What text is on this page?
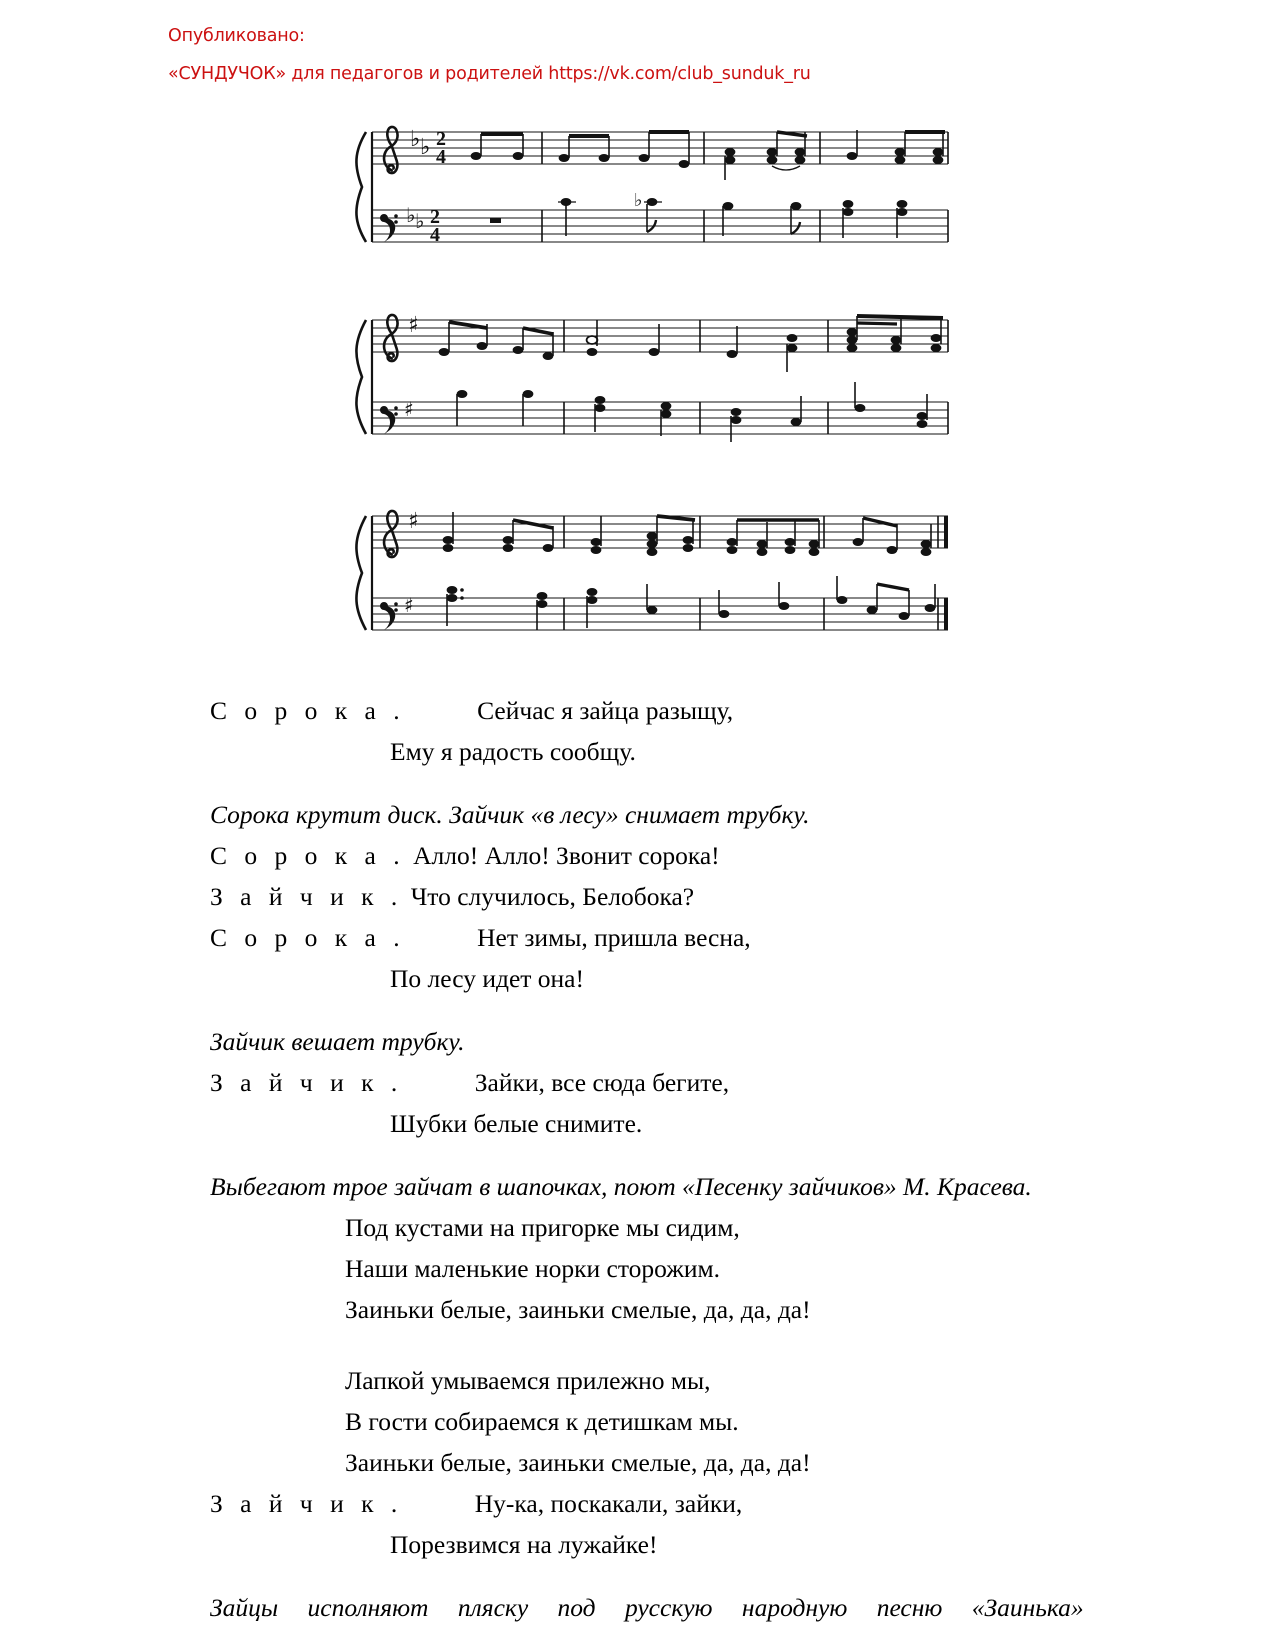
Опубликовано:
«СУНДУЧОК» для педагогов и родителей https://vk.com/club_sunduk_ru
♭ ♭ 2
4
♭ ♭ 2
4
♭
♯
♯
♯
♯
С о р о к а .	Сейчас я зайца разыщу,
Ему я радость сообщу.
Сорока крутит диск. Зайчик «в лесу» снимает трубку.
С о р о к а . Алло! Алло! Звонит сорока!
З а й ч и к . Что случилось, Белобока?
С о р о к а .	Нет зимы, пришла весна,
По лесу идет она!
Зайчик вешает трубку.
З а й ч и к .	Зайки, все сюда бегите,
Шубки белые снимите.
Выбегают трое зайчат в шапочках, поют «Песенку зайчиков» М. Красева.
Под кустами на пригорке мы сидим,
Наши маленькие норки сторожим.
Заиньки белые, заиньки смелые, да, да, да!
Лапкой умываемся прилежно мы,
В гости собираемся к детишкам мы.
Заиньки белые, заиньки смелые, да, да, да!
З а й ч и к .	Ну-ка, поскакали, зайки,
Порезвимся на лужайке!
Зайцы исполняют пляску под русскую народную песню «Заинька»
